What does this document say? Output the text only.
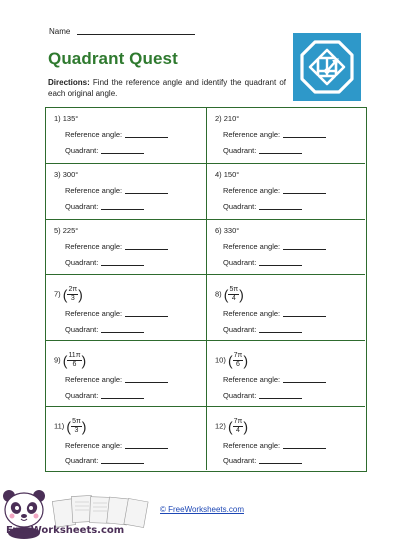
Name
Quadrant Quest
Directions: Find the reference angle and identify the quadrant of each original angle.
1) 135°
Reference angle:
Quadrant:
2) 210°
Reference angle:
Quadrant:
3) 300°
Reference angle:
Quadrant:
4) 150°
Reference angle:
Quadrant:
5) 225°
Reference angle:
Quadrant:
6) 330°
Reference angle:
Quadrant:
7) ( $\frac{2\pi}{3}$ )
Reference angle:
Quadrant:
8) ( $\frac{5\pi}{4}$ )
Reference angle:
Quadrant:
9) ( $\frac{11\pi}{6}$ )
Reference angle:
Quadrant:
10) ( $\frac{7\pi}{6}$ )
Reference angle:
Quadrant:
11) ( $\frac{5\pi}{3}$ )
Reference angle:
Quadrant:
12) ( $\frac{7\pi}{4}$ )
Reference angle:
Quadrant:
FreeWorksheets.com
© FreeWorksheets.com
